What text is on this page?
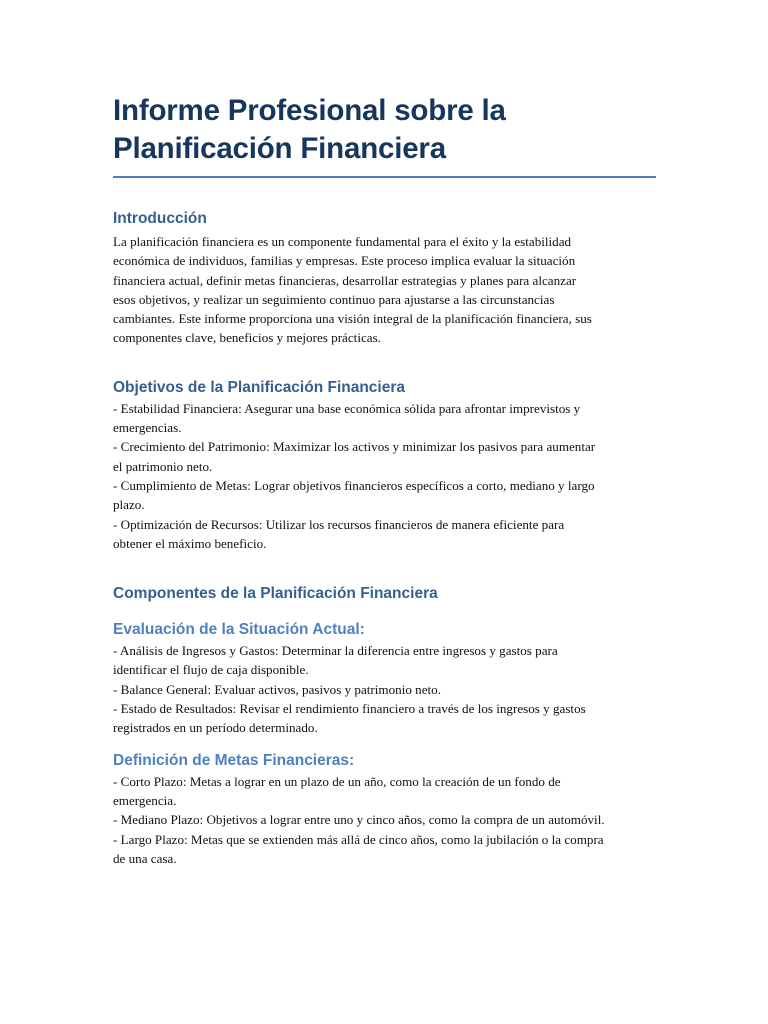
Informe Profesional sobre la
Planificación Financiera
Introducción

La planificación financiera es un componente fundamental para el éxito y la estabilidad
económica de individuos, familias y empresas. Este proceso implica evaluar la situación
financiera actual, definir metas financieras, desarrollar estrategias y planes para alcanzar
esos objetivos, y realizar un seguimiento continuo para ajustarse a las circunstancias
cambiantes. Este informe proporciona una visión integral de la planificación financiera, sus
componentes clave, beneficios y mejores prácticas.

Objetivos de la Planificación Financiera

- Estabilidad Financiera: Asegurar una base económica sólida para afrontar imprevistos y
emergencias.
- Crecimiento del Patrimonio: Maximizar los activos y minimizar los pasivos para aumentar
el patrimonio neto.
- Cumplimiento de Metas: Lograr objetivos financieros específicos a corto, mediano y largo
plazo.
- Optimización de Recursos: Utilizar los recursos financieros de manera eficiente para
obtener el máximo beneficio.

Componentes de la Planificación Financiera
Evaluación de la Situación Actual:

- Análisis de Ingresos y Gastos: Determinar la diferencia entre ingresos y gastos para
identificar el flujo de caja disponible.
- Balance General: Evaluar activos, pasivos y patrimonio neto.
- Estado de Resultados: Revisar el rendimiento financiero a través de los ingresos y gastos
registrados en un período determinado.

Definición de Metas Financieras:

- Corto Plazo: Metas a lograr en un plazo de un año, como la creación de un fondo de
emergencia.
- Mediano Plazo: Objetivos a lograr entre uno y cinco años, como la compra de un automóvil.
- Largo Plazo: Metas que se extienden más allá de cinco años, como la jubilación o la compra
de una casa.
